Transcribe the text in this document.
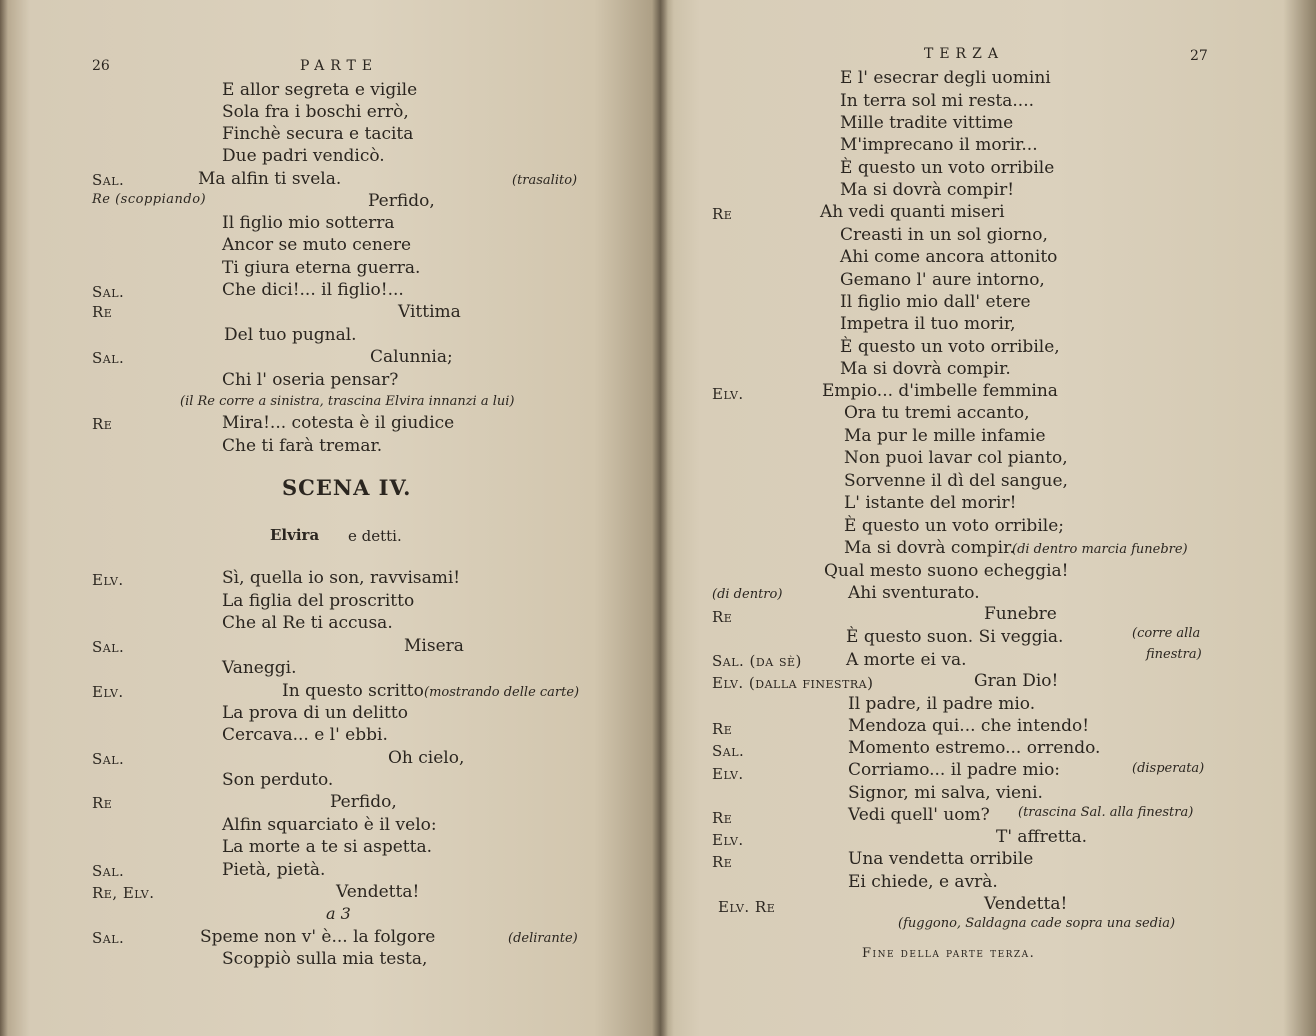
26	PARTE
E allor segreta e vigile
Sola fra i boschi errò,
Finchè secura e tacita
Due padri vendicò.
Sal.	Ma alfin ti svela.	(trasalito)
Re (scoppiando)	Perfido,
Il figlio mio sotterra
Ancor se muto cenere
Ti giura eterna guerra.
Sal.	Che dici!... il figlio!...
Re	Vittima
Del tuo pugnal.
Sal.	Calunnia;
Chi l' oseria pensar?
(il Re corre a sinistra, trascina Elvira innanzi a lui)
Re	Mira!... cotesta è il giudice
Che ti farà tremar.
SCENA IV.
Elvira e detti.
Elv.	Sì, quella io son, ravvisami!
La figlia del proscritto
Che al Re ti accusa.
Sal.	Misera
Vaneggi.
Elv.	In questo scritto (mostrando delle carte)
La prova di un delitto
Cercava... e l' ebbi.
Sal.	Oh cielo,
Son perduto.
Re	Perfido,
Alfin squarciato è il velo:
La morte a te si aspetta.
Sal.	Pietà, pietà.
Re, Elv.	Vendetta!
a 3
Sal.	Speme non v' è... la folgore	(delirante)
Scoppiò sulla mia testa,
TERZA	27
E l' esecrar degli uomini
In terra sol mi resta....
Mille tradite vittime
M'imprecano il morir...
È questo un voto orribile
Ma si dovrà compir!
Re	Ah vedi quanti miseri
Creasti in un sol giorno,
Ahi come ancora attonito
Gemano l' aure intorno,
Il figlio mio dall' etere
Impetra il tuo morir,
È questo un voto orribile,
Ma si dovrà compir.
Elv.	Empio... d'imbelle femmina
Ora tu tremi accanto,
Ma pur le mille infamie
Non puoi lavar col pianto,
Sorvenne il dì del sangue,
L' istante del morir!
È questo un voto orribile;
Ma si dovrà compir.
(di dentro marcia funebre)
Qual mesto suono echeggia!
(di dentro)	Ahi sventurato.
Re	Funebre
È questo suon. Si veggia.	(corre alla
Sal. (da sè)	A morte ei va.	finestra)
Elv. (dalla finestra)	Gran Dio!
Il padre, il padre mio.
Re	Mendoza qui... che intendo!
Sal.	Momento estremo... orrendo.
Elv.	Corriamo... il padre mio:	(disperata)
Signor, mi salva, vieni.
Re	Vedi quell' uom? (trascina Sal. alla finestra)
Elv.	T' affretta.
Re	Una vendetta orribile
Ei chiede, e avrà.
Elv. Re	Vendetta!
(fuggono, Saldagna cade sopra una sedia)
Fine della parte terza.
